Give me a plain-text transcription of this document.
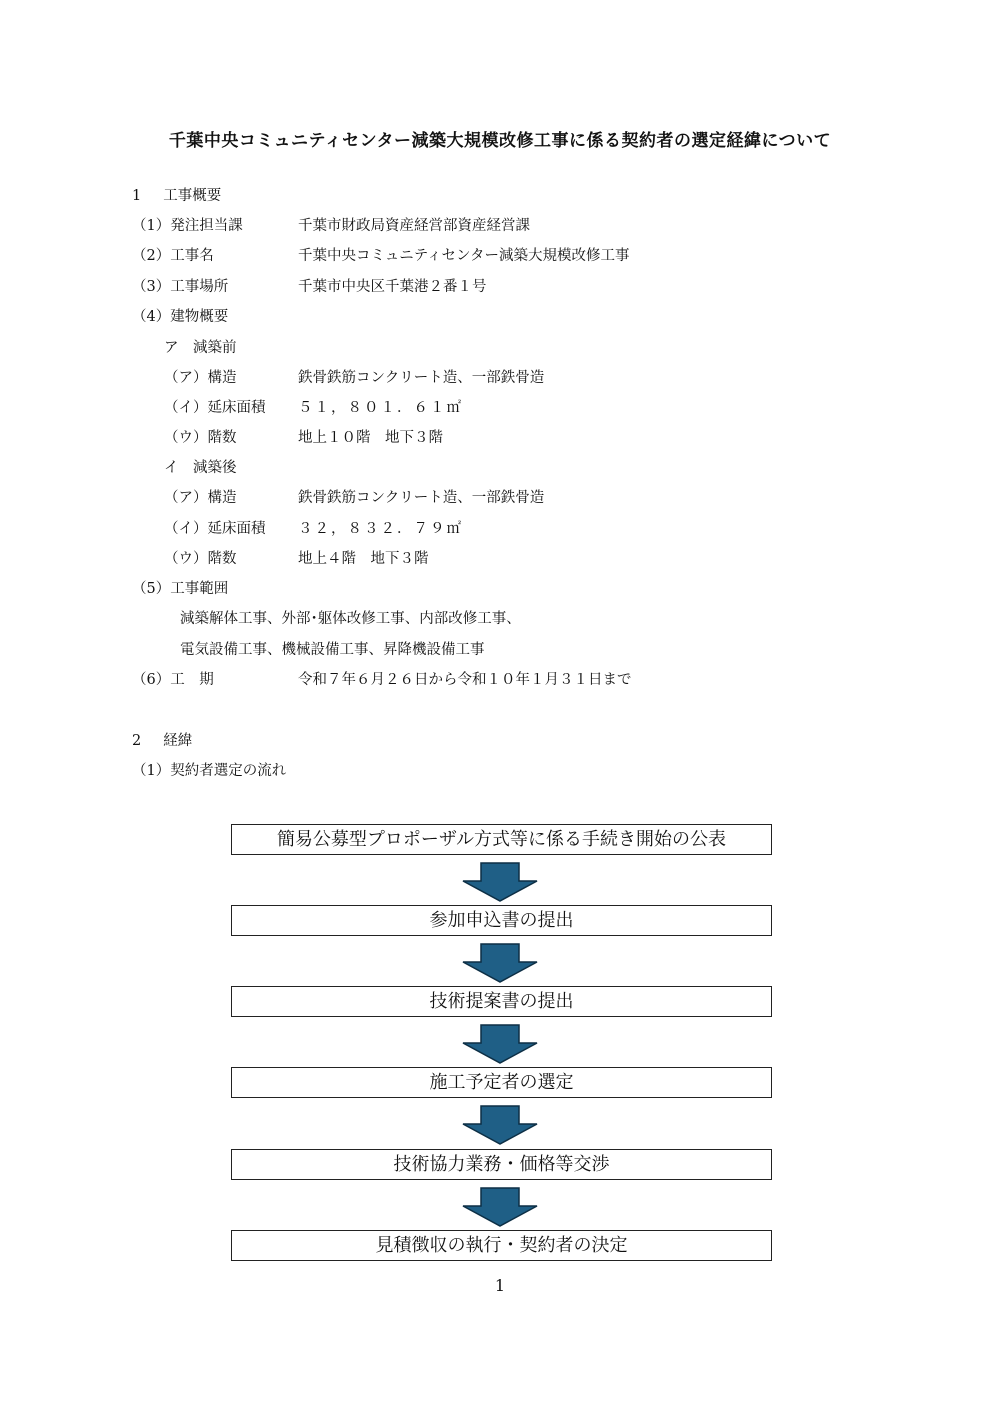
千葉中央コミュニティセンター減築大規模改修工事に係る契約者の選定経緯について
1 工事概要
（1）発注担当課	千葉市財政局資産経営部資産経営課
（2）工事名	千葉中央コミュニティセンター減築大規模改修工事
（3）工事場所	千葉市中央区千葉港２番１号
（4）建物概要
ア　減築前
（ア）構造	鉄骨鉄筋コンクリート造、一部鉄骨造
（イ）延床面積 ５１，８０１．６１㎡
（ウ）階数	地上１０階　地下３階
イ　減築後
（ア）構造	鉄骨鉄筋コンクリート造、一部鉄骨造
（イ）延床面積 ３２，８３２．７９㎡
（ウ）階数	地上４階　地下３階
（5）工事範囲
減築解体工事、外部･躯体改修工事、内部改修工事、
電気設備工事、機械設備工事、昇降機設備工事
（6）工　期	令和７年６月２６日から令和１０年１月３１日まで
2 経緯
（1）契約者選定の流れ
簡易公募型プロポーザル方式等に係る手続き開始の公表
参加申込書の提出
技術提案書の提出
施工予定者の選定
技術協力業務・価格等交渉
見積徴収の執行・契約者の決定
1
